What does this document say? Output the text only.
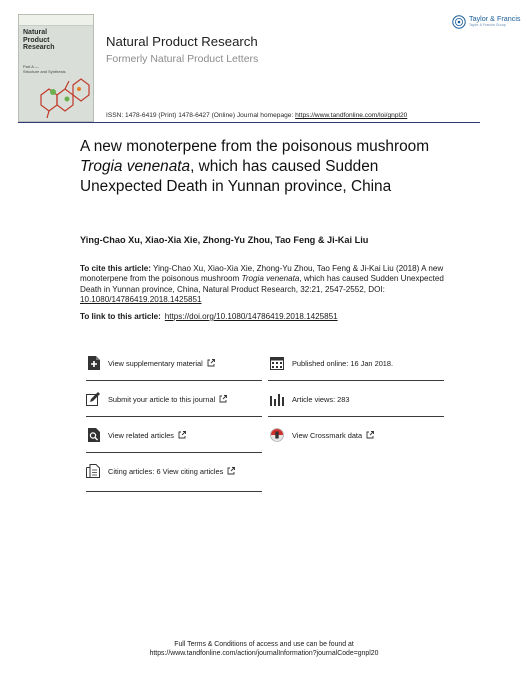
Natural
Product
Research
Part A —
Structure and Synthesis
Natural Product Research
Formerly Natural Product Letters
Taylor & Francis
Taylor & Francis Group
ISSN: 1478-6419 (Print) 1478-6427 (Online) Journal homepage: https://www.tandfonline.com/loi/gnpl20
A new monoterpene from the poisonous mushroom Trogia venenata, which has caused Sudden Unexpected Death in Yunnan province, China
Ying-Chao Xu, Xiao-Xia Xie, Zhong-Yu Zhou, Tao Feng & Ji-Kai Liu
To cite this article: Ying-Chao Xu, Xiao-Xia Xie, Zhong-Yu Zhou, Tao Feng & Ji-Kai Liu (2018) A new monoterpene from the poisonous mushroom Trogia venenata, which has caused Sudden Unexpected Death in Yunnan province, China, Natural Product Research, 32:21, 2547-2552, DOI: 10.1080/14786419.2018.1425851
To link to this article: https://doi.org/10.1080/14786419.2018.1425851
View supplementary material	Published online: 16 Jan 2018.
Submit your article to this journal	Article views: 283
View related articles	View Crossmark data
Citing articles: 6 View citing articles
Full Terms & Conditions of access and use can be found at
https://www.tandfonline.com/action/journalInformation?journalCode=gnpl20
